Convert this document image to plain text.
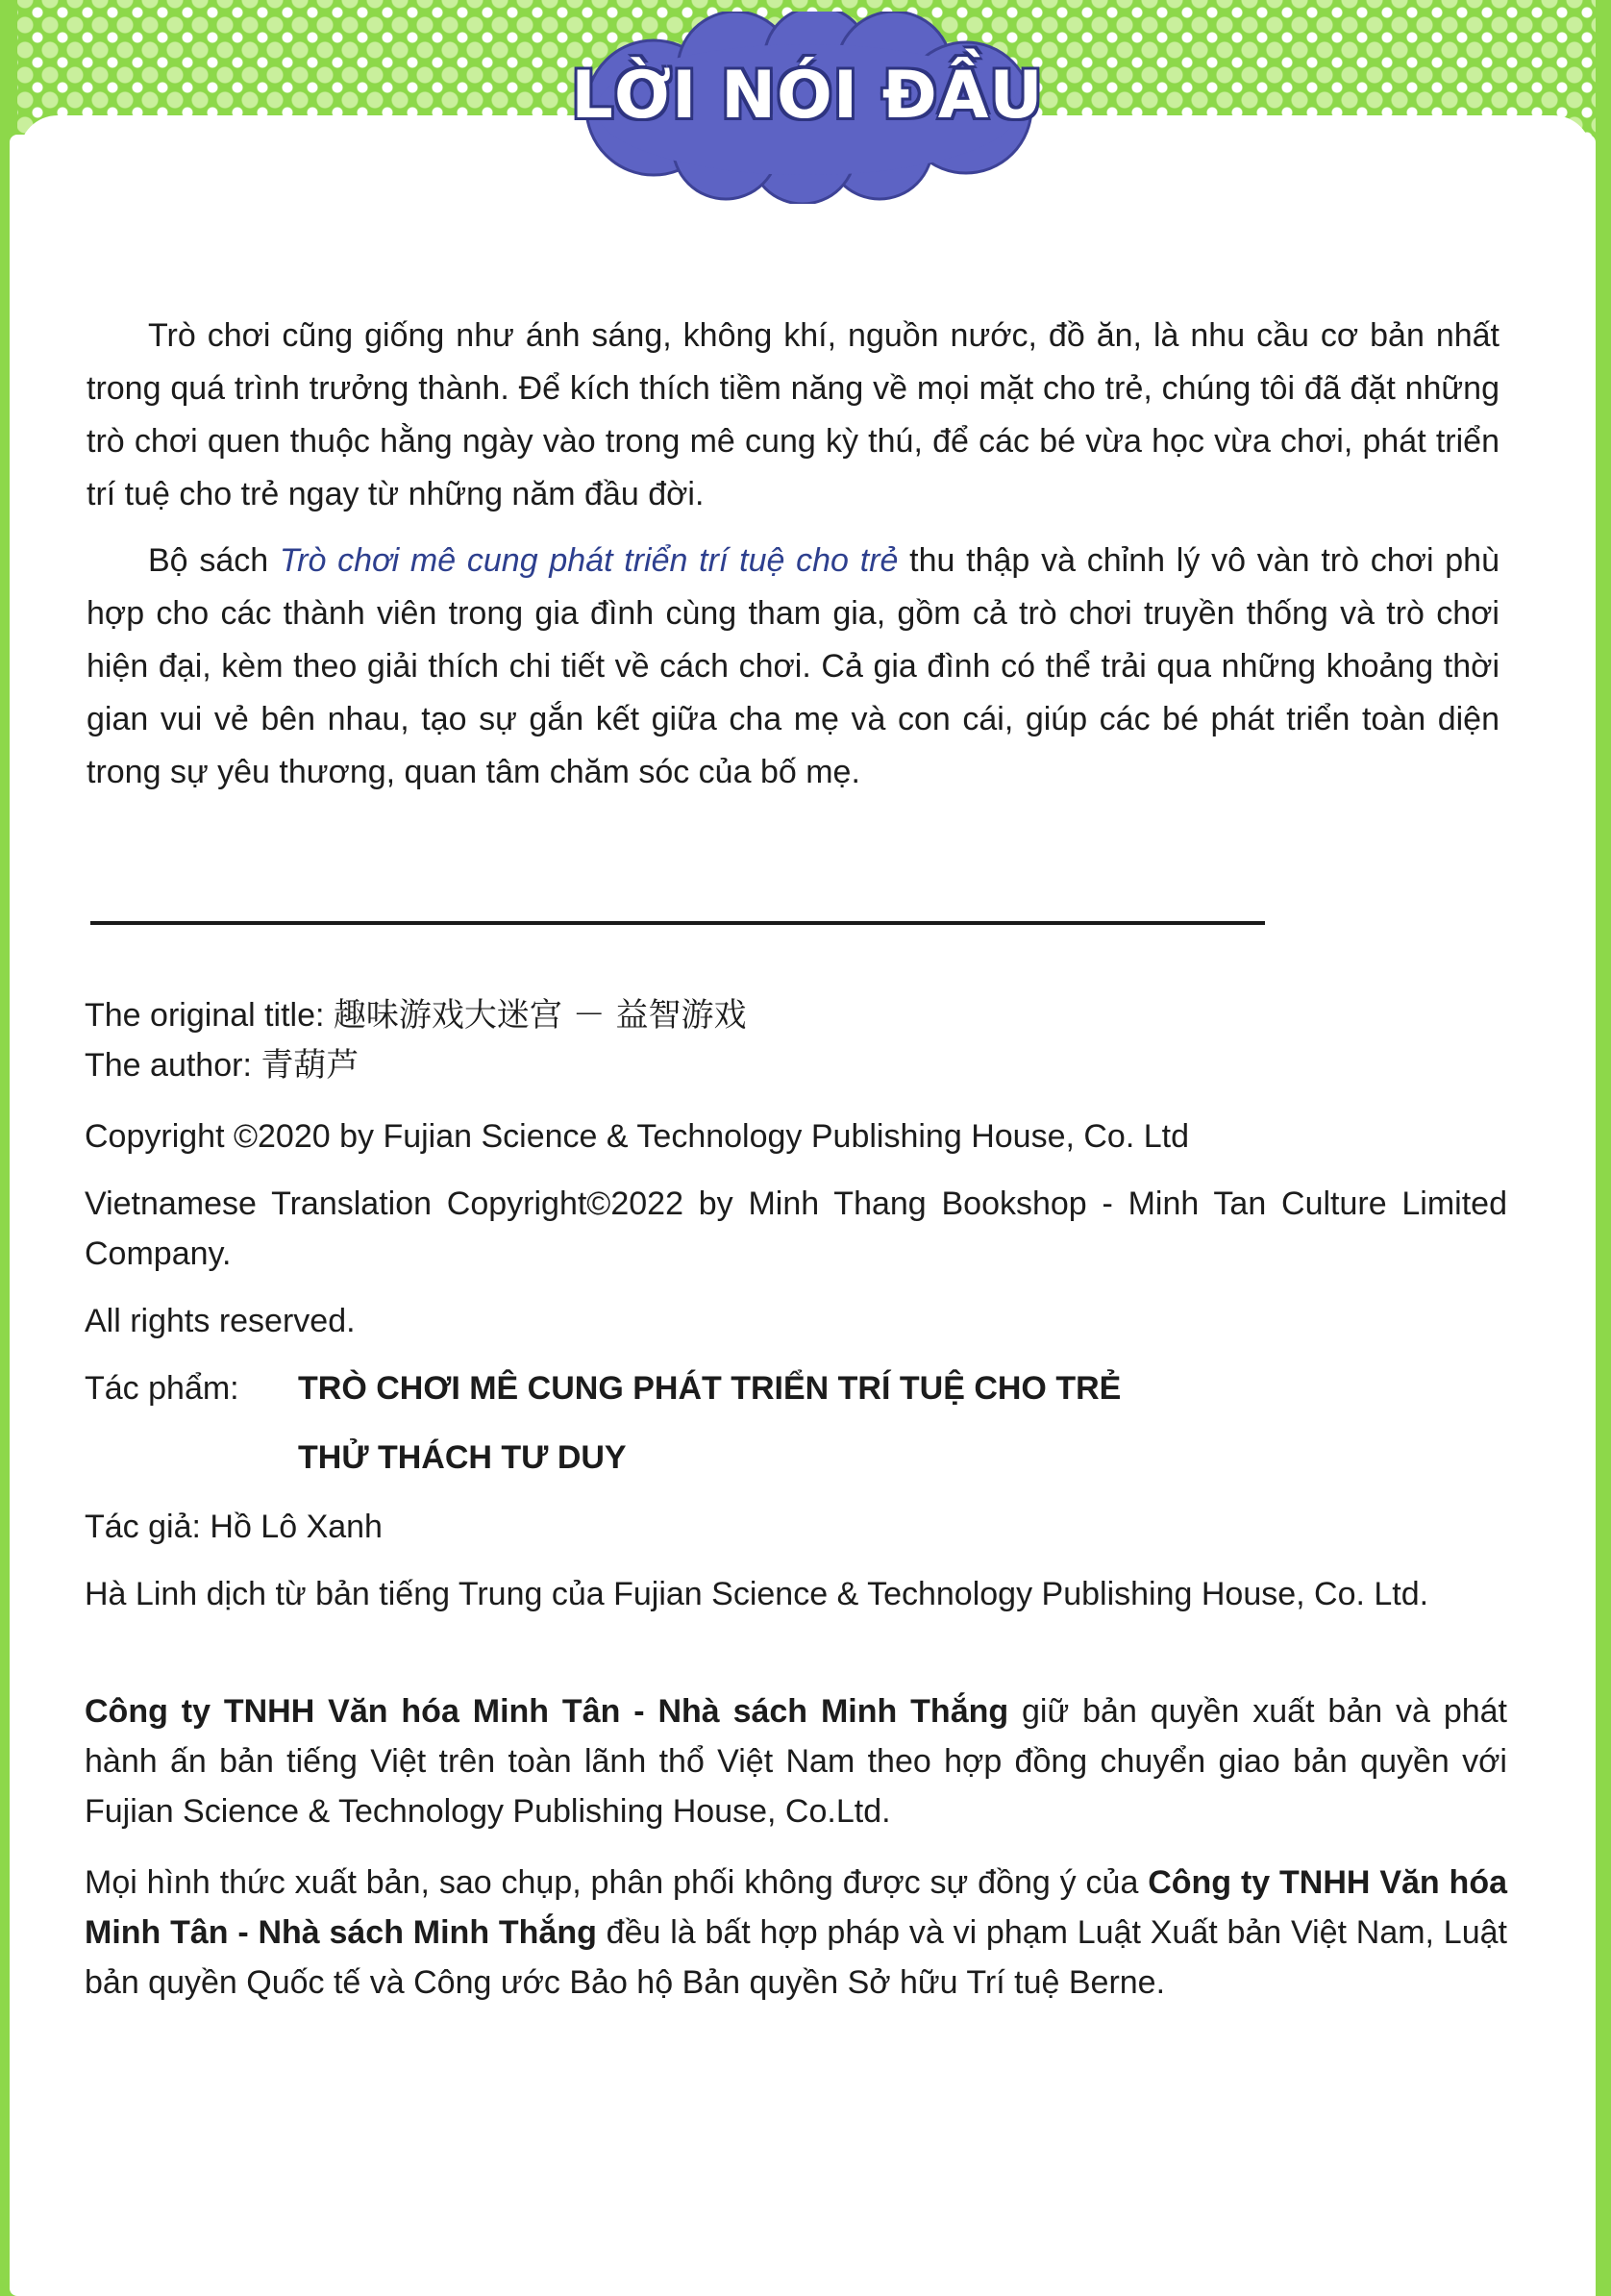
LỜI NÓI ĐẦU

Trò chơi cũng giống như ánh sáng, không khí, nguồn nước, đồ ăn, là nhu cầu cơ bản nhất trong quá trình trưởng thành. Để kích thích tiềm năng về mọi mặt cho trẻ, chúng tôi đã đặt những trò chơi quen thuộc hằng ngày vào trong mê cung kỳ thú, để các bé vừa học vừa chơi, phát triển trí tuệ cho trẻ ngay từ những năm đầu đời.

Bộ sách Trò chơi mê cung phát triển trí tuệ cho trẻ thu thập và chỉnh lý vô vàn trò chơi phù hợp cho các thành viên trong gia đình cùng tham gia, gồm cả trò chơi truyền thống và trò chơi hiện đại, kèm theo giải thích chi tiết về cách chơi. Cả gia đình có thể trải qua những khoảng thời gian vui vẻ bên nhau, tạo sự gắn kết giữa cha mẹ và con cái, giúp các bé phát triển toàn diện trong sự yêu thương, quan tâm chăm sóc của bố mẹ.

The original title: 趣味游戏大迷宫 － 益智游戏
The author: 青葫芦
Copyright ©2020 by Fujian Science & Technology Publishing House, Co. Ltd
Vietnamese Translation Copyright©2022 by Minh Thang Bookshop - Minh Tan Culture Limited Company.
All rights reserved.
Tác phẩm: TRÒ CHƠI MÊ CUNG PHÁT TRIỂN TRÍ TUỆ CHO TRẺ
THỬ THÁCH TƯ DUY
Tác giả: Hồ Lô Xanh
Hà Linh dịch từ bản tiếng Trung của Fujian Science & Technology Publishing House, Co. Ltd.
Công ty TNHH Văn hóa Minh Tân - Nhà sách Minh Thắng giữ bản quyền xuất bản và phát hành ấn bản tiếng Việt trên toàn lãnh thổ Việt Nam theo hợp đồng chuyển giao bản quyền với Fujian Science & Technology Publishing House, Co.Ltd.
Mọi hình thức xuất bản, sao chụp, phân phối không được sự đồng ý của Công ty TNHH Văn hóa Minh Tân - Nhà sách Minh Thắng đều là bất hợp pháp và vi phạm Luật Xuất bản Việt Nam, Luật bản quyền Quốc tế và Công ước Bảo hộ Bản quyền Sở hữu Trí tuệ Berne.
